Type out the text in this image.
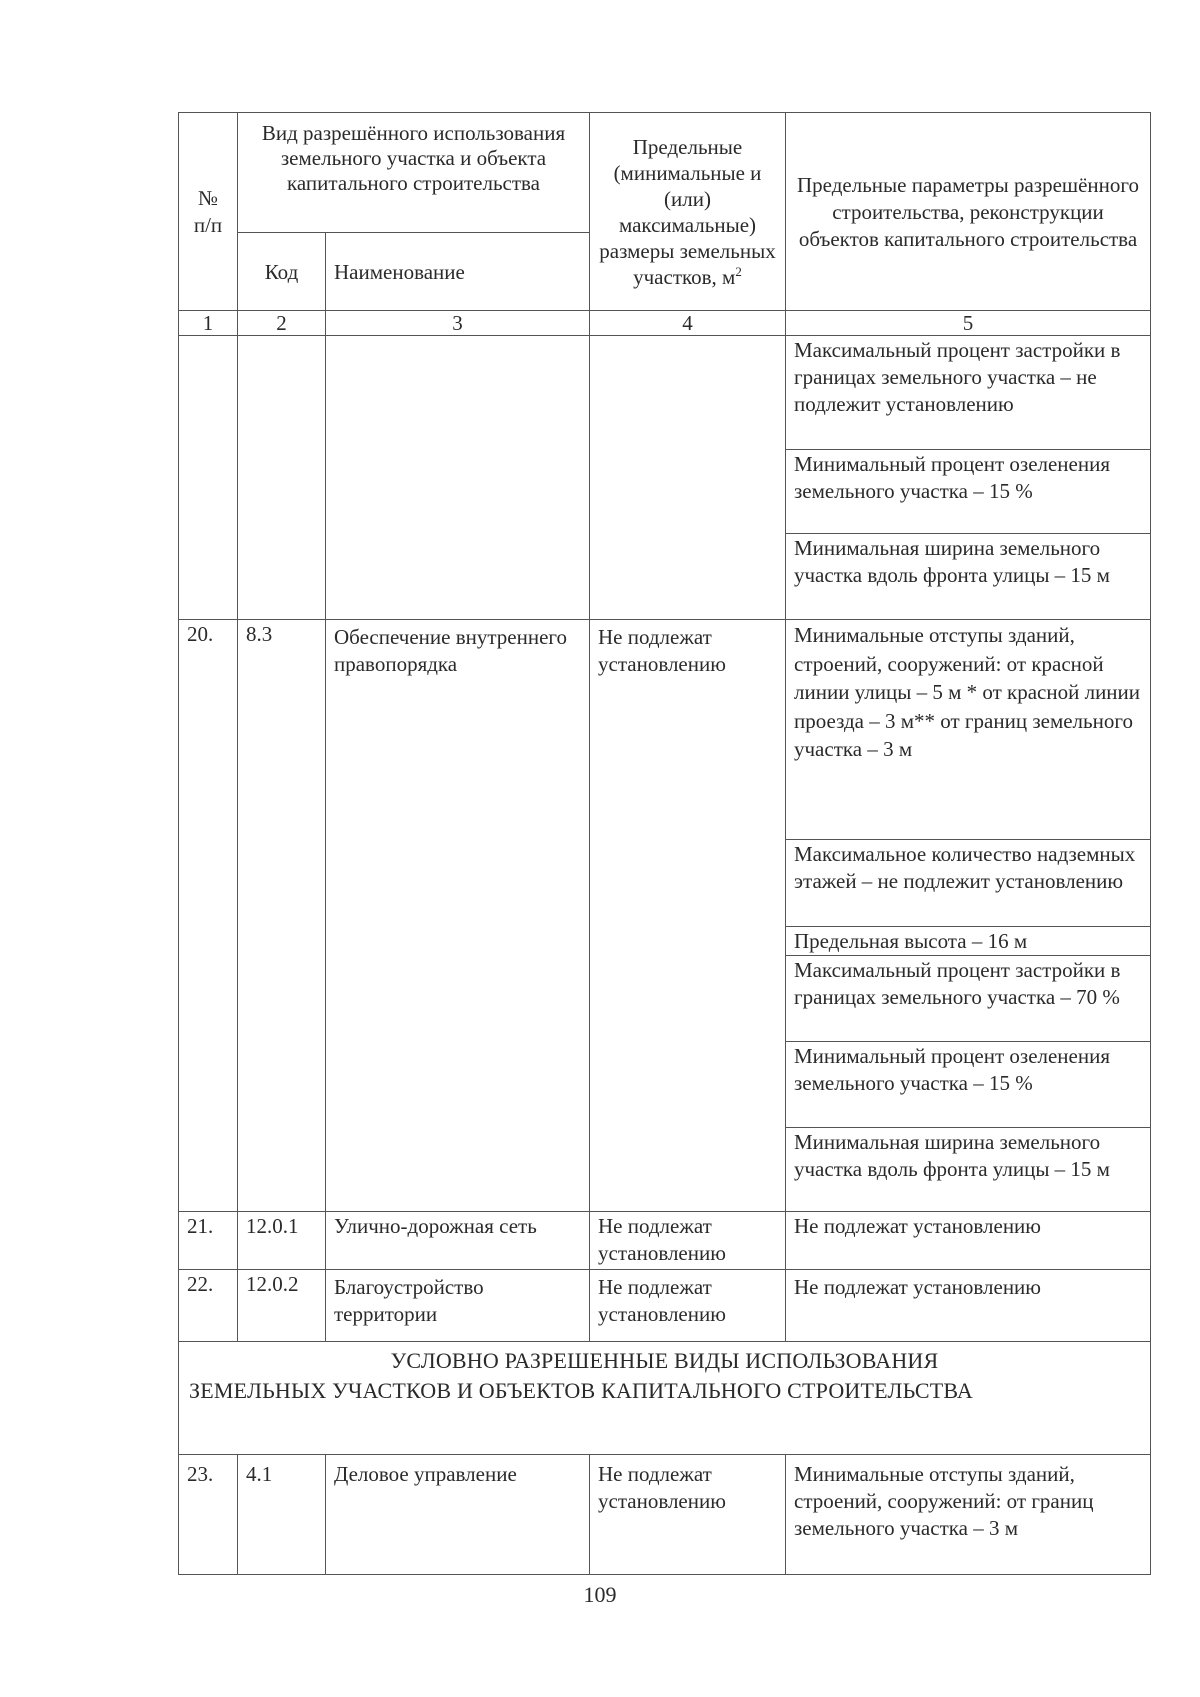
№ п/п	Вид разрешённого использования земельного участка и объекта капитального строительства		Предельные (минимальные и (или) максимальные) размеры земельных участков, $м^2$	Предельные параметры разрешённого строительства, реконструкции объектов капитального строительства
	Код	Наименование		
1	2	3	4	5
				Максимальный процент застройки в границах земельного участка – не подлежит установлению
				Минимальный процент озеленения земельного участка – 15 %
				Минимальная ширина земельного участка вдоль фронта улицы – 15 м
20.	8.3	Обеспечение внутреннего правопорядка	Не подлежат установлению	Минимальные отступы зданий, строений, сооружений: от красной линии улицы – 5 м * от красной линии проезда – 3 м** от границ земельного участка – 3 м
				Максимальное количество надземных этажей – не подлежит установлению
				Предельная высота – 16 м
				Максимальный процент застройки в границах земельного участка – 70 %
				Минимальный процент озеленения земельного участка – 15 %
				Минимальная ширина земельного участка вдоль фронта улицы – 15 м
21.	12.0.1	Улично-дорожная сеть	Не подлежат установлению	Не подлежат установлению
22.	12.0.2	Благоустройство территории	Не подлежат установлению	Не подлежат установлению
УСЛОВНО РАЗРЕШЕННЫЕ ВИДЫ ИСПОЛЬЗОВАНИЯ

ЗЕМЕЛЬНЫХ УЧАСТКОВ И ОБЪЕКТОВ КАПИТАЛЬНОГО СТРОИТЕЛЬСТВА				

23.	4.1	Деловое управление	Не подлежат установлению	Минимальные отступы зданий, строений, сооружений: от границ земельного участка – 3 м
109
